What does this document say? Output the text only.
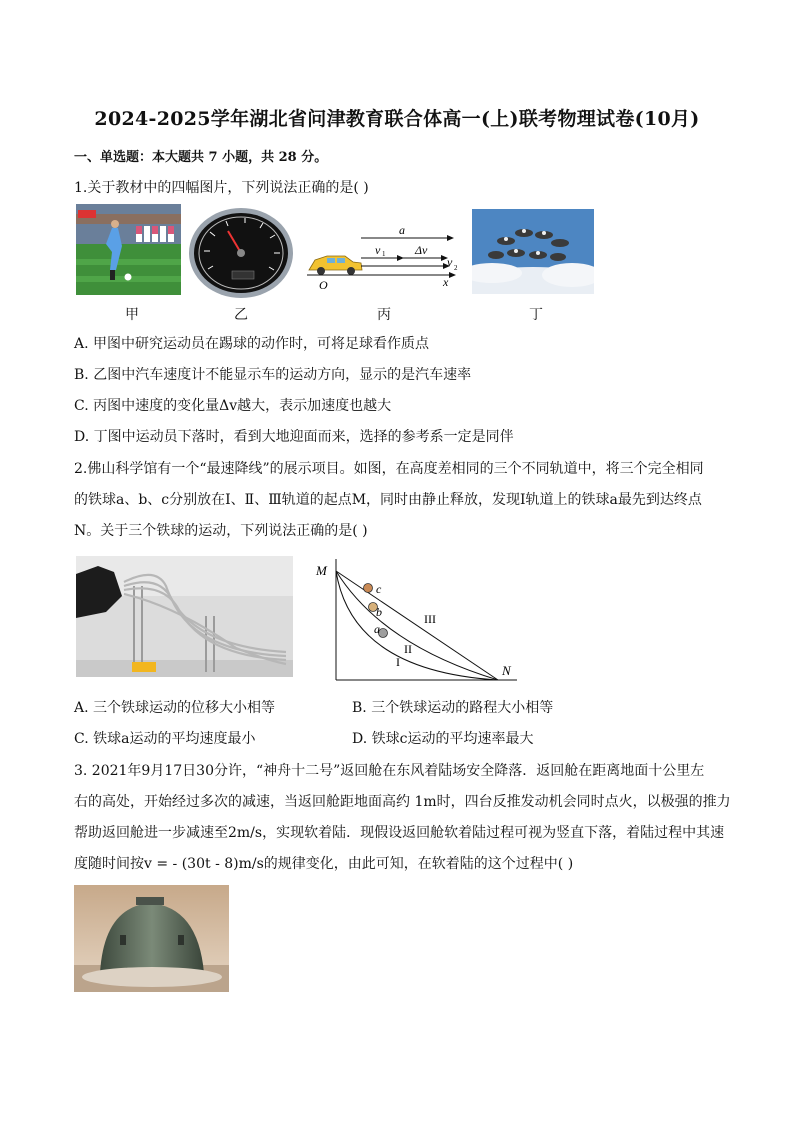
2024-2025学年湖北省问津教育联合体高一(上)联考物理试卷(10月)
一、单选题：本大题共 7 小题，共 28 分。
1.关于教材中的四幅图片，下列说法正确的是( )
a
v 1 Δv
v 2
O	x
甲	乙	丙	丁
A. 甲图中研究运动员在踢球的动作时，可将足球看作质点
B. 乙图中汽车速度计不能显示车的运动方向，显示的是汽车速率
C. 丙图中速度的变化量Δv越大，表示加速度也越大
D. 丁图中运动员下落时，看到大地迎面而来，选择的参考系一定是同伴
2.佛山科学馆有一个“最速降线”的展示项目。如图，在高度差相同的三个不同轨道中，将三个完全相同
的铁球a、b、c分别放在Ⅰ、Ⅱ、Ⅲ轨道的起点M，同时由静止释放，发现Ⅰ轨道上的铁球a最先到达终点
N。关于三个铁球的运动，下列说法正确的是( )
M
N
c
b
a
I
II
III
A. 三个铁球运动的位移大小相等	B. 三个铁球运动的路程大小相等
C. 铁球a运动的平均速度最小	D. 铁球c运动的平均速率最大
3. 2021年9月17日30分许，“神舟十二号”返回舱在东风着陆场安全降落．返回舱在距离地面十公里左
右的高处，开始经过多次的减速，当返回舱距地面高约 1m时，四台反推发动机会同时点火，以极强的推力
帮助返回舱进一步减速至2m/s，实现软着陆．现假设返回舱软着陆过程可视为竖直下落，着陆过程中其速
度随时间按v = - (30t - 8)m/s的规律变化，由此可知，在软着陆的这个过程中( )
